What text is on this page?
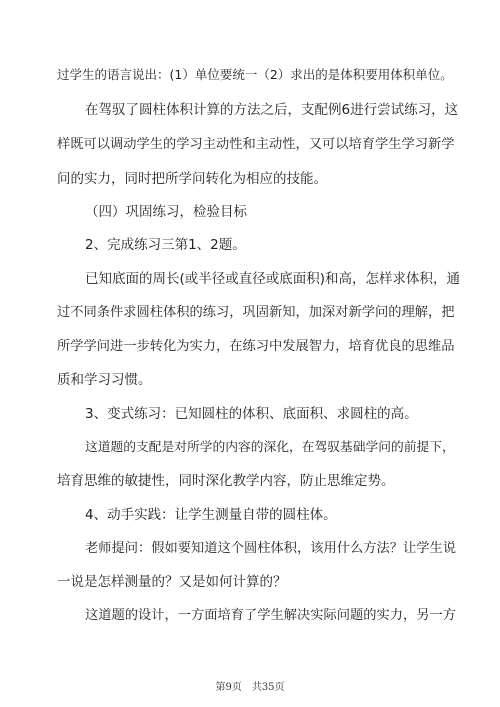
过学生的语言说出：(1）单位要统一（2）求出的是体积要用体积单位。
在驾驭了圆柱体积计算的方法之后，支配例6进行尝试练习，这
样既可以调动学生的学习主动性和主动性，又可以培育学生学习新学
问的实力，同时把所学问转化为相应的技能。
（四）巩固练习，检验目标
2、完成练习三第1、2题。
已知底面的周长(或半径或直径或底面积)和高，怎样求体积，通
过不同条件求圆柱体积的练习，巩固新知，加深对新学问的理解，把
所学学问进一步转化为实力，在练习中发展智力，培育优良的思维品
质和学习习惯。
3、变式练习：已知圆柱的体积、底面积、求圆柱的高。
这道题的支配是对所学的内容的深化，在驾驭基础学问的前提下，
培育思维的敏捷性，同时深化教学内容，防止思维定势。
4、动手实践：让学生测量自带的圆柱体。
老师提问：假如要知道这个圆柱体积，该用什么方法？让学生说
一说是怎样测量的？又是如何计算的？
这道题的设计，一方面培育了学生解决实际问题的实力，另一方
第9页　共35页
